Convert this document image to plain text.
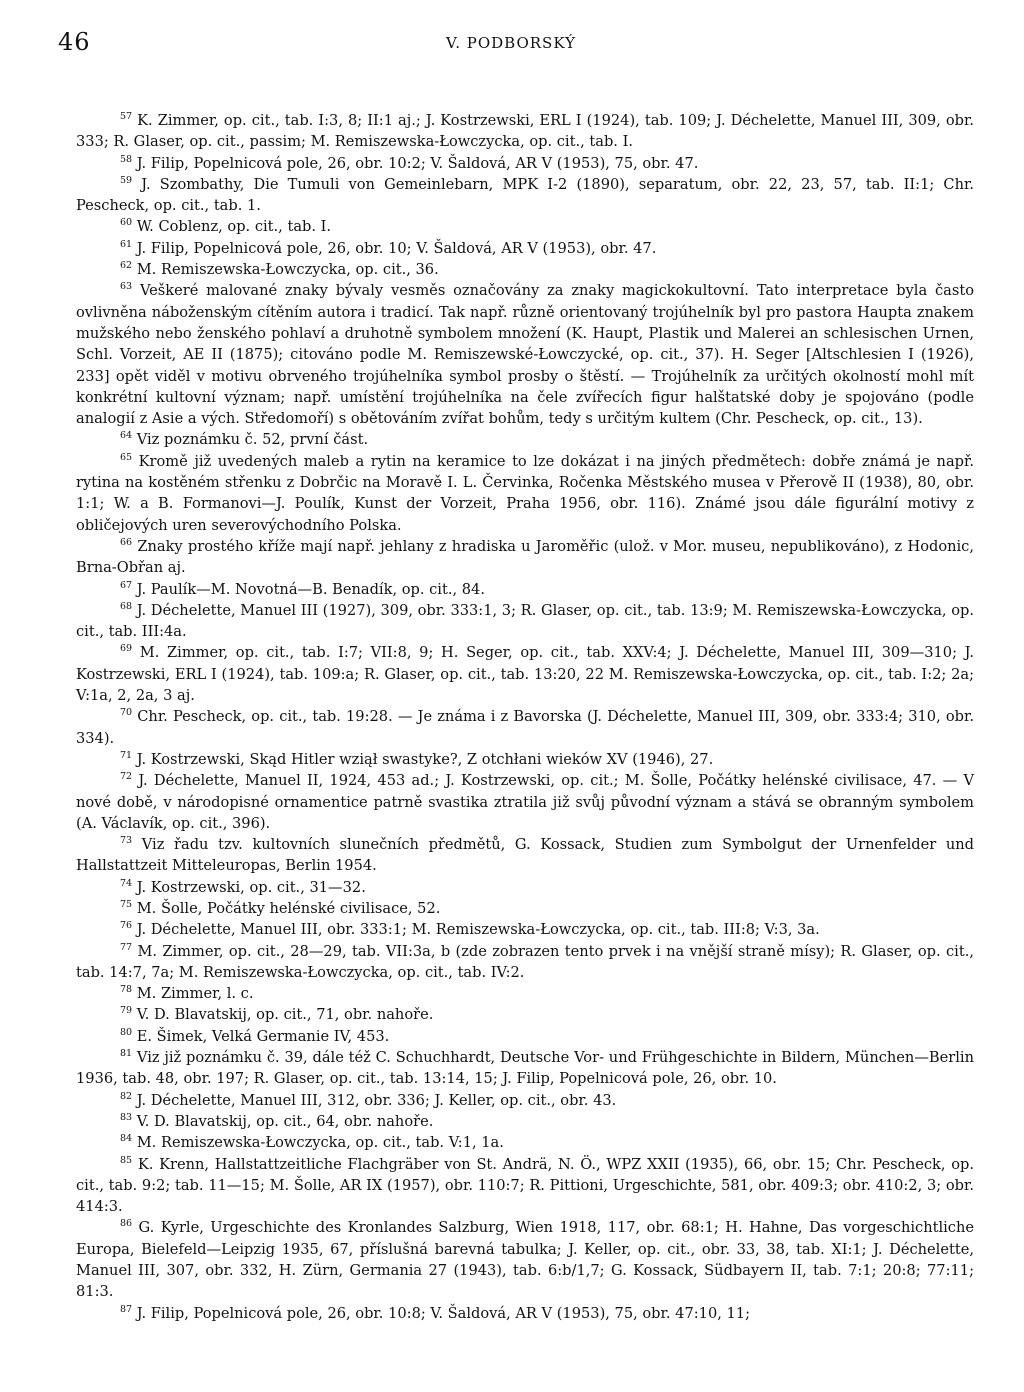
46	V. PODBORSKÝ

$^{57}$ K. Zimmer, op. cit., tab. I:3, 8; II:1 aj.; J. Kostrzewski, ERL I (1924), tab. 109; J. Déchelette, Manuel III, 309, obr. 333; R. Glaser, op. cit., passim; M. Remiszewska-Łowczycka, op. cit., tab. I.

$^{58}$ J. Filip, Popelnicová pole, 26, obr. 10:2; V. Šaldová, AR V (1953), 75, obr. 47.

$^{59}$ J. Szombathy, Die Tumuli von Gemeinlebarn, MPK I-2 (1890), separatum, obr. 22, 23, 57, tab. II:1; Chr. Pescheck, op. cit., tab. 1.

$^{60}$ W. Coblenz, op. cit., tab. I.

$^{61}$ J. Filip, Popelnicová pole, 26, obr. 10; V. Šaldová, AR V (1953), obr. 47.

$^{62}$ M. Remiszewska-Łowczycka, op. cit., 36.

$^{63}$ Veškeré malované znaky bývaly vesměs označovány za znaky magickokultovní. Tato interpretace byla často ovlivněna náboženským cítěním autora i tradicí. Tak např. různě orientovaný trojúhelník byl pro pastora Haupta znakem mužského nebo ženského pohlaví a druhotně symbolem množení (K. Haupt, Plastik und Malerei an schlesischen Urnen, Schl. Vorzeit, AE II (1875); citováno podle M. Remiszewské-Łowczycké, op. cit., 37). H. Seger [Altschlesien I (1926), 233] opět viděl v motivu obrveného trojúhelníka symbol prosby o štěstí. — Trojúhelník za určitých okolností mohl mít konkrétní kultovní význam; např. umístění trojúhelníka na čele zvířecích figur halštatské doby je spojováno (podle analogií z Asie a vých. Středomoří) s obětováním zvířat bohům, tedy s určitým kultem (Chr. Pescheck, op. cit., 13).

$^{64}$ Viz poznámku č. 52, první část.

$^{65}$ Kromě již uvedených maleb a rytin na keramice to lze dokázat i na jiných předmětech: dobře známá je např. rytina na kostěném střenku z Dobrčic na Moravě I. L. Červinka, Ročenka Městského musea v Přerově II (1938), 80, obr. 1:1; W. a B. Formanovi—J. Poulík, Kunst der Vorzeit, Praha 1956, obr. 116). Známé jsou dále figurální motivy z obličejových uren severovýchodního Polska.

$^{66}$ Znaky prostého kříže mají např. jehlany z hradiska u Jaroměřic (ulož. v Mor. museu, nepublikováno), z Hodonic, Brna-Obřan aj.

$^{67}$ J. Paulík—M. Novotná—B. Benadík, op. cit., 84.

$^{68}$ J. Déchelette, Manuel III (1927), 309, obr. 333:1, 3; R. Glaser, op. cit., tab. 13:9; M. Remiszewska-Łowczycka, op. cit., tab. III:4a.

$^{69}$ M. Zimmer, op. cit., tab. I:7; VII:8, 9; H. Seger, op. cit., tab. XXV:4; J. Déchelette, Manuel III, 309—310; J. Kostrzewski, ERL I (1924), tab. 109:a; R. Glaser, op. cit., tab. 13:20, 22 M. Remiszewska-Łowczycka, op. cit., tab. I:2; 2a; V:1a, 2, 2a, 3 aj.

$^{70}$ Chr. Pescheck, op. cit., tab. 19:28. — Je známa i z Bavorska (J. Déchelette, Manuel III, 309, obr. 333:4; 310, obr. 334).

$^{71}$ J. Kostrzewski, Skąd Hitler wziął swastyke?, Z otchłani wieków XV (1946), 27.

$^{72}$ J. Déchelette, Manuel II, 1924, 453 ad.; J. Kostrzewski, op. cit.; M. Šolle, Počátky helénské civilisace, 47. — V nové době, v národopisné ornamentice patrně svastika ztratila již svůj původní význam a stává se obranným symbolem (A. Václavík, op. cit., 396).

$^{73}$ Viz řadu tzv. kultovních slunečních předmětů, G. Kossack, Studien zum Symbolgut der Urnenfelder und Hallstattzeit Mitteleuropas, Berlin 1954.

$^{74}$ J. Kostrzewski, op. cit., 31—32.

$^{75}$ M. Šolle, Počátky helénské civilisace, 52.

$^{76}$ J. Déchelette, Manuel III, obr. 333:1; M. Remiszewska-Łowczycka, op. cit., tab. III:8; V:3, 3a.

$^{77}$ M. Zimmer, op. cit., 28—29, tab. VII:3a, b (zde zobrazen tento prvek i na vnější straně mísy); R. Glaser, op. cit., tab. 14:7, 7a; M. Remiszewska-Łowczycka, op. cit., tab. IV:2.

$^{78}$ M. Zimmer, l. c.

$^{79}$ V. D. Blavatskij, op. cit., 71, obr. nahoře.

$^{80}$ E. Šimek, Velká Germanie IV, 453.

$^{81}$ Viz již poznámku č. 39, dále též C. Schuchhardt, Deutsche Vor- und Frühgeschichte in Bildern, München—Berlin 1936, tab. 48, obr. 197; R. Glaser, op. cit., tab. 13:14, 15; J. Filip, Popelnicová pole, 26, obr. 10.

$^{82}$ J. Déchelette, Manuel III, 312, obr. 336; J. Keller, op. cit., obr. 43.

$^{83}$ V. D. Blavatskij, op. cit., 64, obr. nahoře.

$^{84}$ M. Remiszewska-Łowczycka, op. cit., tab. V:1, 1a.

$^{85}$ K. Krenn, Hallstattzeitliche Flachgräber von St. Andrä, N. Ö., WPZ XXII (1935), 66, obr. 15; Chr. Pescheck, op. cit., tab. 9:2; tab. 11—15; M. Šolle, AR IX (1957), obr. 110:7; R. Pittioni, Urgeschichte, 581, obr. 409:3; obr. 410:2, 3; obr. 414:3.

$^{86}$ G. Kyrle, Urgeschichte des Kronlandes Salzburg, Wien 1918, 117, obr. 68:1; H. Hahne, Das vorgeschichtliche Europa, Bielefeld—Leipzig 1935, 67, příslušná barevná tabulka; J. Keller, op. cit., obr. 33, 38, tab. XI:1; J. Déchelette, Manuel III, 307, obr. 332, H. Zürn, Germania 27 (1943), tab. 6:b/1,7; G. Kossack, Südbayern II, tab. 7:1; 20:8; 77:11; 81:3.

$^{87}$ J. Filip, Popelnicová pole, 26, obr. 10:8; V. Šaldová, AR V (1953), 75, obr. 47:10, 11;
